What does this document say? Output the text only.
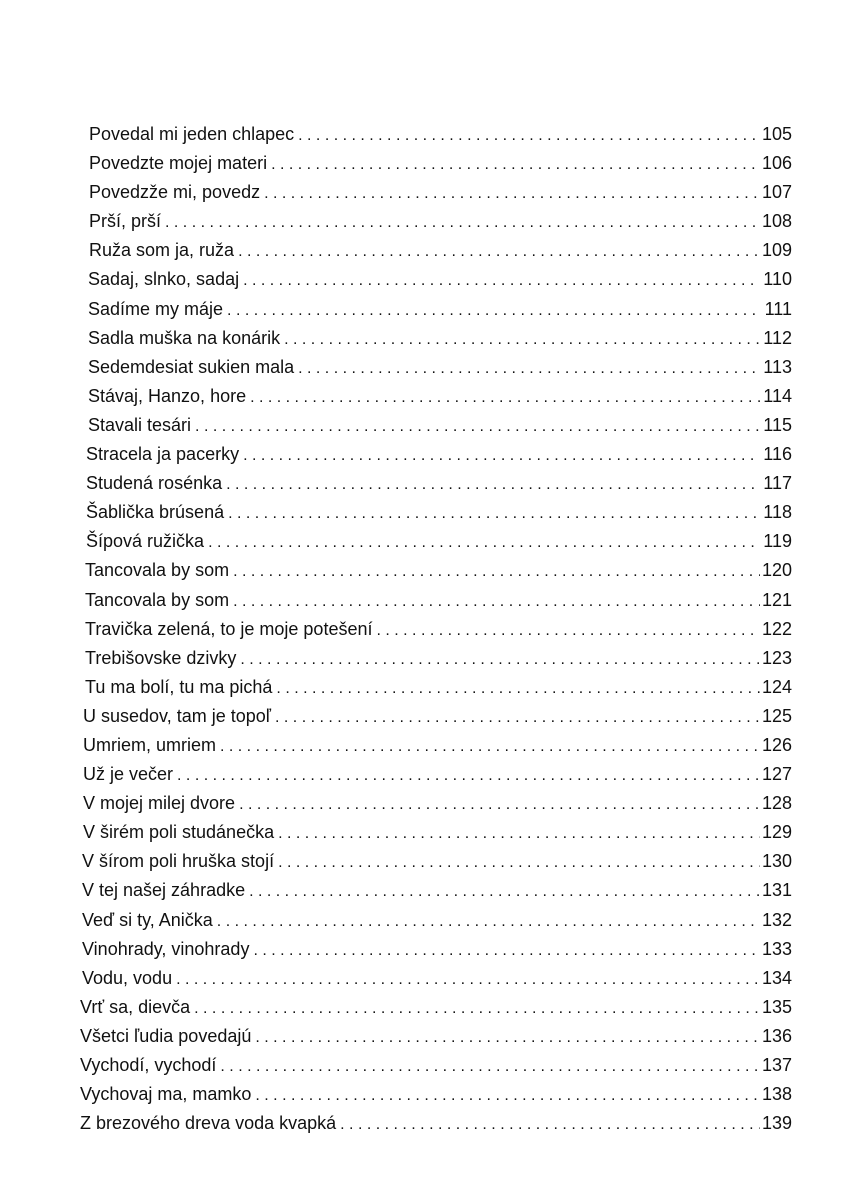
Povedal mi jeden chlapec . . .	105
Povedzte mojej materi . . .	106
Povedzže mi, povedz . . .	107
Prší, prší . . .	108
Ruža som ja, ruža . . .	109
Sadaj, slnko, sadaj . . .	110
Sadíme my máje . . .	111
Sadla muška na konárik . . .	112
Sedemdesiat sukien mala . . .	113
Stávaj, Hanzo, hore . . .	114
Stavali tesári . . .	115
Stracela ja pacerky . . .	116
Studená rosénka . . .	117
Šablička brúsená . . .	118
Šípová ružička . . .	119
Tancovala by som . . .	120
Tancovala by som . . .	121
Travička zelená, to je moje potešení . . .	122
Trebišovske dzivky . . .	123
Tu ma bolí, tu ma pichá . . .	124
U susedov, tam je topoľ . . .	125
Umriem, umriem . . .	126
Už je večer . . .	127
V mojej milej dvore . . .	128
V širém poli studánečka . . .	129
V šírom poli hruška stojí . . .	130
V tej našej záhradke . . .	131
Veď si ty, Anička . . .	132
Vinohrady, vinohrady . . .	133
Vodu, vodu . . .	134
Vrť sa, dievča . . .	135
Všetci ľudia povedajú . . .	136
Vychodí, vychodí . . .	137
Vychovaj ma, mamko . . .	138
Z brezového dreva voda kvapká . . .	139
